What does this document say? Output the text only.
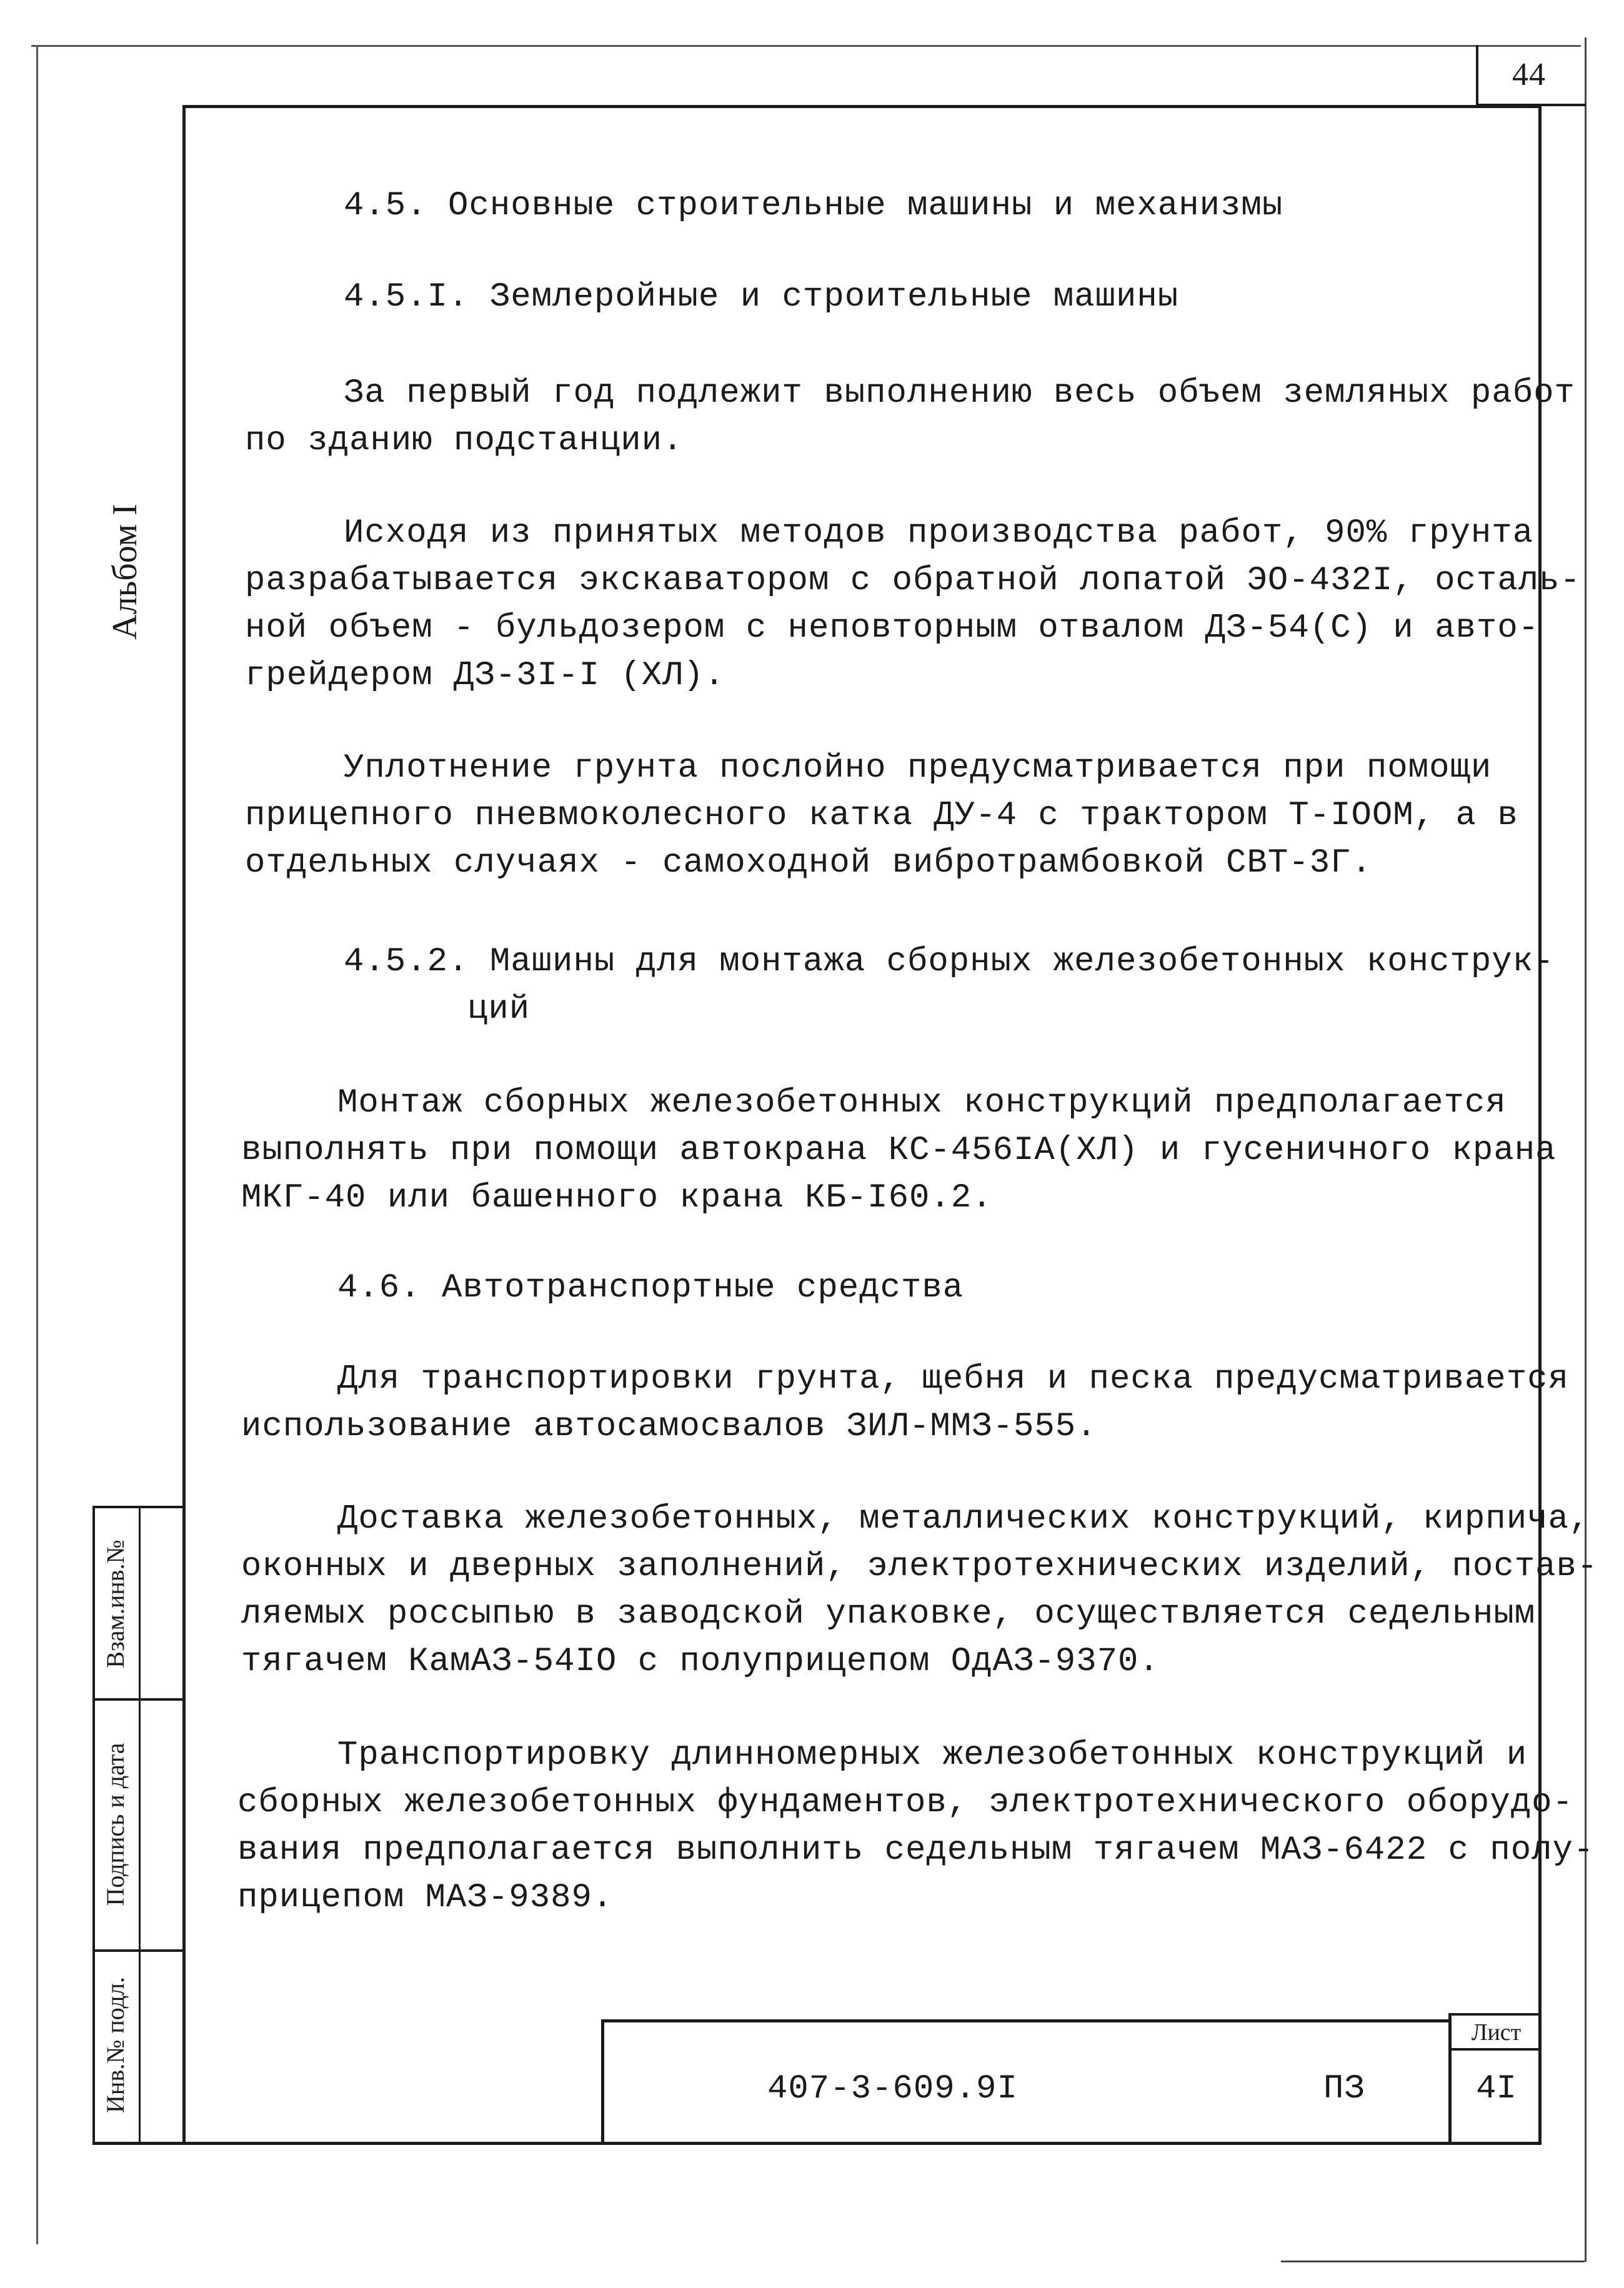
44
Альбом I
Взам.инв.№
Подпись и дата
Инв.№ подл.
4.5. Основные строительные машины и механизмы
4.5.I. Землеройные и строительные машины
За первый год подлежит выполнению весь объем земляных работ
по зданию подстанции.
Исходя из принятых методов производства работ, 90% грунта
разрабатывается экскаватором с обратной лопатой ЭО-432I, осталь-
ной объем - бульдозером с неповторным отвалом ДЗ-54(С) и авто-
грейдером ДЗ-3I-I (ХЛ).
Уплотнение грунта послойно предусматривается при помощи
прицепного пневмоколесного катка ДУ-4 с трактором Т-IOOМ, а в
отдельных случаях - самоходной вибротрамбовкой СВТ-3Г.
4.5.2. Машины для монтажа сборных железобетонных конструк-
ций
Монтаж сборных железобетонных конструкций предполагается
выполнять при помощи автокрана КС-456IA(ХЛ) и гусеничного крана
МКГ-40 или башенного крана КБ-I60.2.
4.6. Автотранспортные средства
Для транспортировки грунта, щебня и песка предусматривается
использование автосамосвалов ЗИЛ-ММЗ-555.
Доставка железобетонных, металлических конструкций, кирпича,
оконных и дверных заполнений, электротехнических изделий, постав-
ляемых россыпью в заводской упаковке, осуществляется седельным
тягачем КамАЗ-54IO с полуприцепом ОдАЗ-9370.
Транспортировку длинномерных железобетонных конструкций и
сборных железобетонных фундаментов, электротехнического оборудо-
вания предполагается выполнить седельным тягачем МАЗ-6422 с полу-
прицепом МАЗ-9389.
407-3-609.9I	ПЗ
Лист
4I
